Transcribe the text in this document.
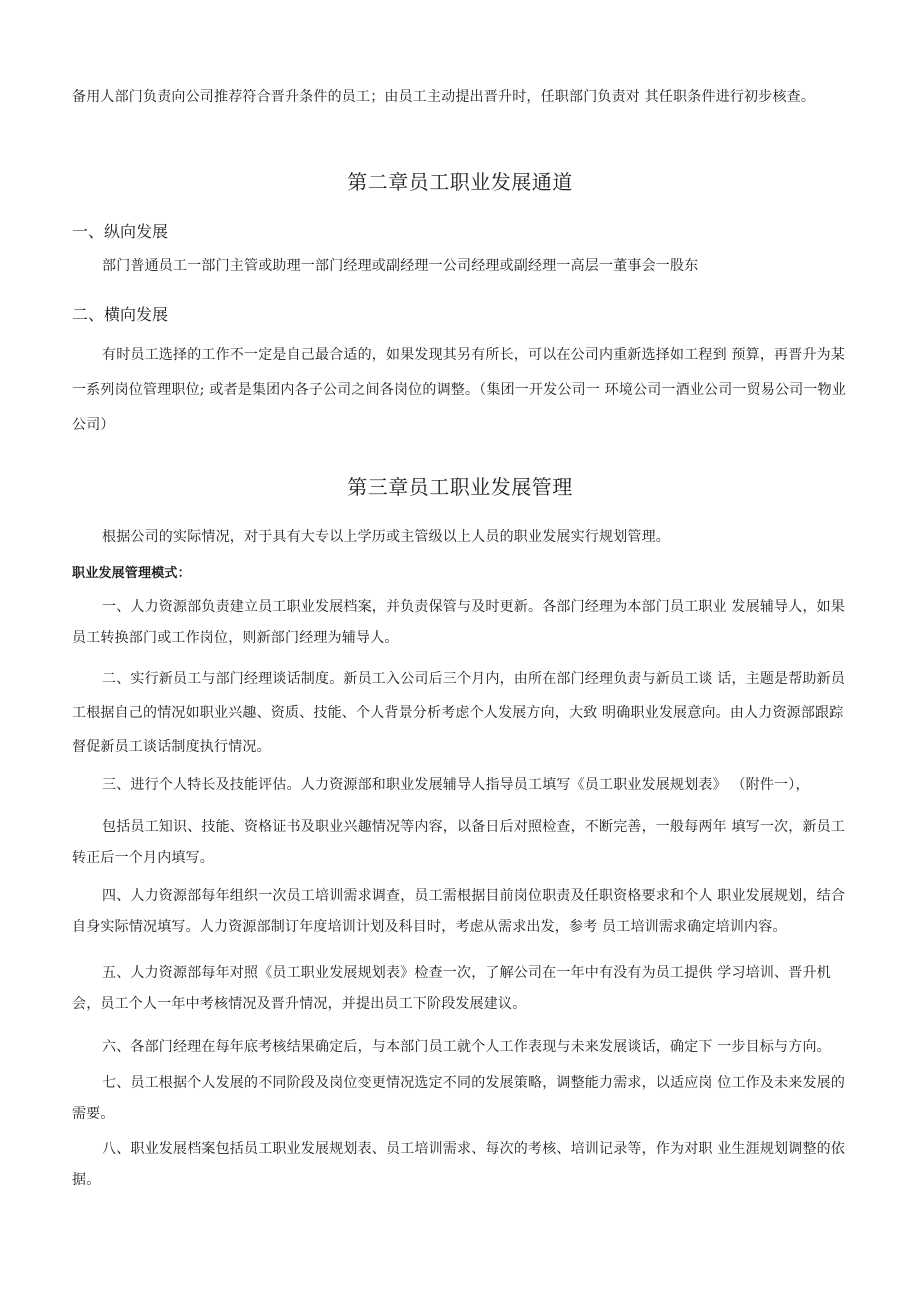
备用人部门负责向公司推荐符合晋升条件的员工；由员工主动提出晋升时，任职部门负责对 其任职条件进行初步核查。

第二章员工职业发展通道
一、纵向发展

部门普通员工一部门主管或助理一部门经理或副经理一公司经理或副经理一高层一董事会一股东

二、横向发展

有时员工选择的工作不一定是自己最合适的，如果发现其另有所长，可以在公司内重新选择如工程到 预算，再晋升为某一系列岗位管理职位; 或者是集团内各子公司之间各岗位的调整。（集团一开发公司一 环境公司一酒业公司一贸易公司一物业公司）

第三章员工职业发展管理

根据公司的实际情况，对于具有大专以上学历或主管级以上人员的职业发展实行规划管理。

职业发展管理模式：

一、人力资源部负责建立员工职业发展档案，并负责保管与及时更新。各部门经理为本部门员工职业 发展辅导人，如果员工转换部门或工作岗位，则新部门经理为辅导人。

二、实行新员工与部门经理谈话制度。新员工入公司后三个月内，由所在部门经理负责与新员工谈 话，主题是帮助新员工根据自己的情况如职业兴趣、资质、技能、个人背景分析考虑个人发展方向，大致 明确职业发展意向。由人力资源部跟踪督促新员工谈话制度执行情况。

三、进行个人特长及技能评估。人力资源部和职业发展辅导人指导员工填写《员工职业发展规划表》 （附件一），

包括员工知识、技能、资格证书及职业兴趣情况等内容，以备日后对照检查，不断完善，一般每两年 填写一次，新员工转正后一个月内填写。

四、人力资源部每年组织一次员工培训需求调查，员工需根据目前岗位职责及任职资格要求和个人 职业发展规划，结合自身实际情况填写。人力资源部制订年度培训计划及科目时，考虑从需求出发，参考 员工培训需求确定培训内容。

五、人力资源部每年对照《员工职业发展规划表》检查一次，了解公司在一年中有没有为员工提供 学习培训、晋升机会，员工个人一年中考核情况及晋升情况，并提出员工下阶段发展建议。

六、各部门经理在每年底考核结果确定后，与本部门员工就个人工作表现与未来发展谈话，确定下 一步目标与方向。

七、员工根据个人发展的不同阶段及岗位变更情况选定不同的发展策略，调整能力需求，以适应岗 位工作及未来发展的需要。

八、职业发展档案包括员工职业发展规划表、员工培训需求、每次的考核、培训记录等，作为对职 业生涯规划调整的依据。
